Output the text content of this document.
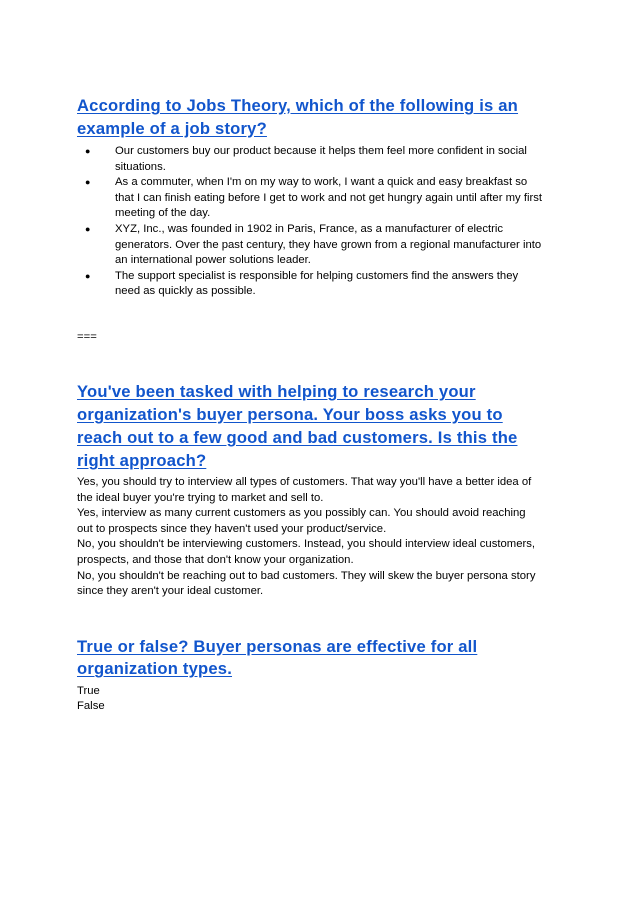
According to Jobs Theory, which of the following is an
example of a job story?
● Our customers buy our product because it helps them feel more confident in social
situations.
● As a commuter, when I'm on my way to work, I want a quick and easy breakfast so
that I can finish eating before I get to work and not get hungry again until after my first
meeting of the day.
● XYZ, Inc., was founded in 1902 in Paris, France, as a manufacturer of electric
generators. Over the past century, they have grown from a regional manufacturer into
an international power solutions leader.
● The support specialist is responsible for helping customers find the answers they
need as quickly as possible.
===
You've been tasked with helping to research your
organization's buyer persona. Your boss asks you to
reach out to a few good and bad customers. Is this the
right approach?
Yes, you should try to interview all types of customers. That way you'll have a better idea of
the ideal buyer you're trying to market and sell to.
Yes, interview as many current customers as you possibly can. You should avoid reaching
out to prospects since they haven't used your product/service.
No, you shouldn't be interviewing customers. Instead, you should interview ideal customers,
prospects, and those that don't know your organization.
No, you shouldn't be reaching out to bad customers. They will skew the buyer persona story
since they aren't your ideal customer.
True or false? Buyer personas are effective for all
organization types.
True
False
